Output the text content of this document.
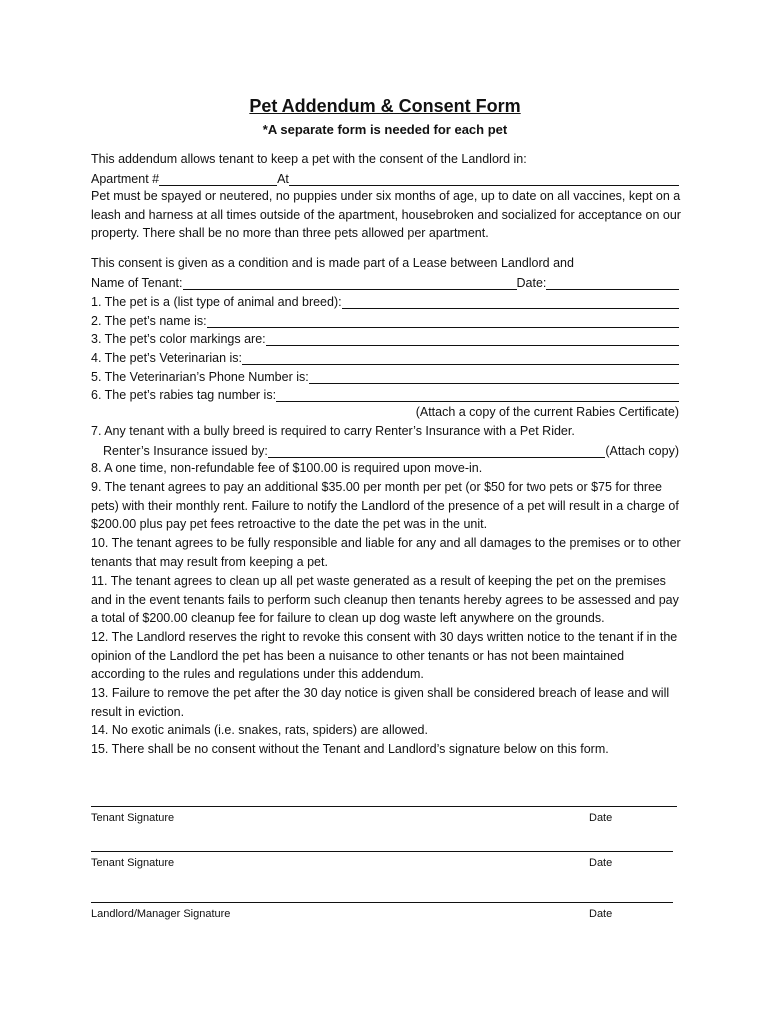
Pet Addendum & Consent Form
*A separate form is needed for each pet
This addendum allows tenant to keep a pet with the consent of the Landlord in:
Apartment #	At
Pet must be spayed or neutered, no puppies under six months of age, up to date on all vaccines, kept on a leash and harness at all times outside of the apartment, housebroken and socialized for acceptance on our property. There shall be no more than three pets allowed per apartment.
This consent is given as a condition and is made part of a Lease between Landlord and
Name of Tenant:	Date:
1. The pet is a (list type of animal and breed):
2. The pet’s name is:
3. The pet’s color markings are:
4. The pet’s Veterinarian is:
5. The Veterinarian’s Phone Number is:
6. The pet’s rabies tag number is:
(Attach a copy of the current Rabies Certificate)
7. Any tenant with a bully breed is required to carry Renter’s Insurance with a Pet Rider.
Renter’s Insurance issued by:	(Attach copy)
8. A one time, non-refundable fee of $100.00 is required upon move-in.
9. The tenant agrees to pay an additional $35.00 per month per pet (or $50 for two pets or $75 for three pets) with their monthly rent. Failure to notify the Landlord of the presence of a pet will result in a charge of $200.00 plus pay pet fees retroactive to the date the pet was in the unit.
10. The tenant agrees to be fully responsible and liable for any and all damages to the premises or to other tenants that may result from keeping a pet.
11. The tenant agrees to clean up all pet waste generated as a result of keeping the pet on the premises and in the event tenants fails to perform such cleanup then tenants hereby agrees to be assessed and pay a total of $200.00 cleanup fee for failure to clean up dog waste left anywhere on the grounds.
12. The Landlord reserves the right to revoke this consent with 30 days written notice to the tenant if in the opinion of the Landlord the pet has been a nuisance to other tenants or has not been maintained according to the rules and regulations under this addendum.
13. Failure to remove the pet after the 30 day notice is given shall be considered breach of lease and will result in eviction.
14. No exotic animals (i.e. snakes, rats, spiders) are allowed.
15. There shall be no consent without the Tenant and Landlord’s signature below on this form.
Tenant Signature	Date
Tenant Signature	Date
Landlord/Manager Signature	Date
